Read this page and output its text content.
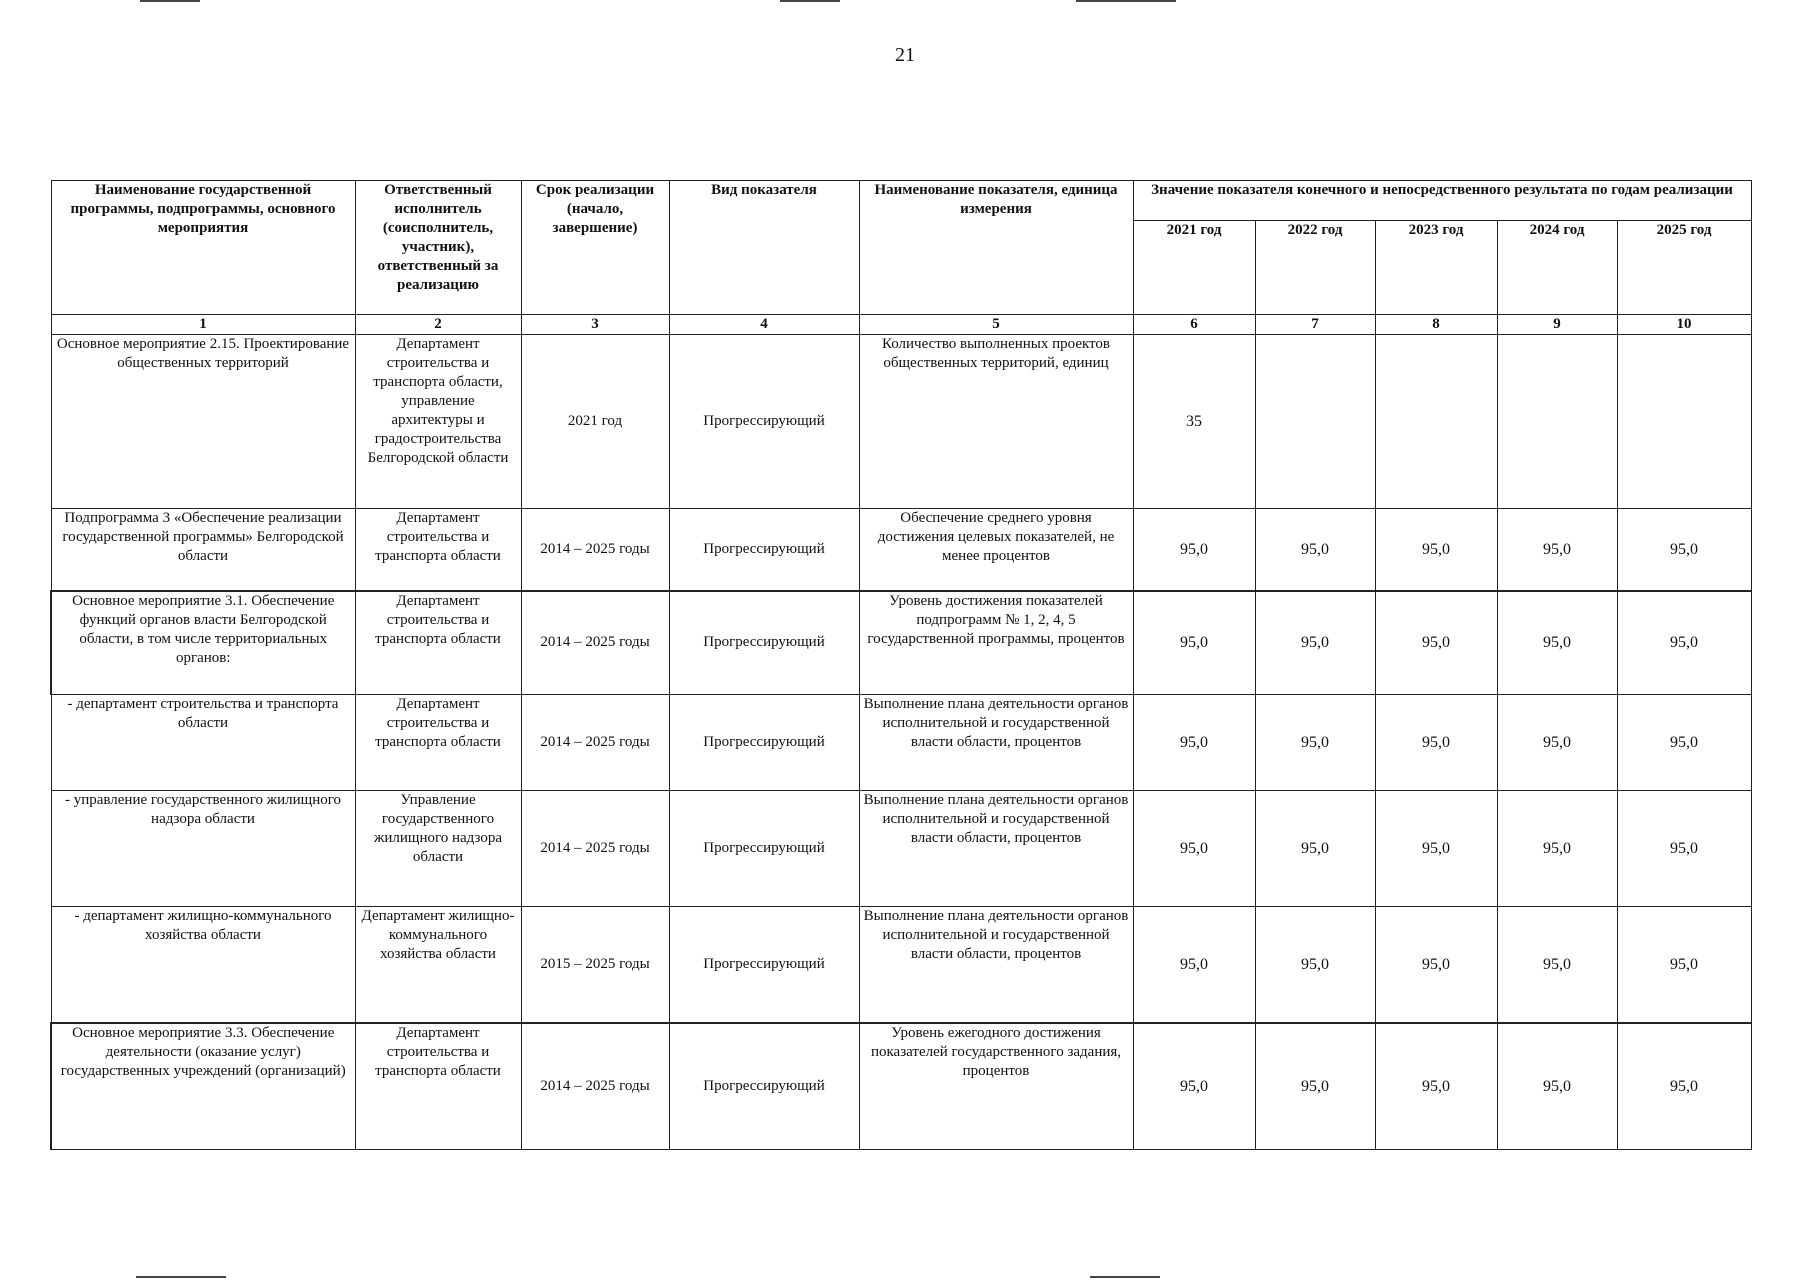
21
Наименование государственной программы, подпрограммы, основного мероприятия	Ответственный исполнитель (соисполнитель, участник), ответственный за реализацию	Срок реализации (начало, завершение)	Вид показателя	Наименование показателя, единица измерения	Значение показателя конечного и непосредственного результата по годам реализации				
					2021 год	2022 год	2023 год	2024 год	2025 год
1	2	3	4	5	6	7	8	9	10
Основное мероприятие 2.15. Проектирование общественных территорий	Департамент строительства и транспорта области, управление архитектуры и градостроительства Белгородской области	2021 год	Прогрессирующий	Количество выполненных проектов общественных территорий, единиц	35				
Подпрограмма 3 «Обеспечение реализации государственной программы» Белгородской области	Департамент строительства и транспорта области	2014 – 2025 годы	Прогрессирующий	Обеспечение среднего уровня достижения целевых показателей, не менее процентов	95,0	95,0	95,0	95,0	95,0
Основное мероприятие 3.1. Обеспечение функций органов власти Белгородской области, в том числе территориальных органов:	Департамент строительства и транспорта области	2014 – 2025 годы	Прогрессирующий	Уровень достижения показателей подпрограмм № 1, 2, 4, 5 государственной программы, процентов	95,0	95,0	95,0	95,0	95,0
- департамент строительства и транспорта области	Департамент строительства и транспорта области	2014 – 2025 годы	Прогрессирующий	Выполнение плана деятельности органов исполнительной и государственной власти области, процентов	95,0	95,0	95,0	95,0	95,0
- управление государственного жилищного надзора области	Управление государственного жилищного надзора области	2014 – 2025 годы	Прогрессирующий	Выполнение плана деятельности органов исполнительной и государственной власти области, процентов	95,0	95,0	95,0	95,0	95,0
- департамент жилищно-коммунального хозяйства области	Департамент жилищно-коммунального хозяйства области	2015 – 2025 годы	Прогрессирующий	Выполнение плана деятельности органов исполнительной и государственной власти области, процентов	95,0	95,0	95,0	95,0	95,0
Основное мероприятие 3.3. Обеспечение деятельности (оказание услуг) государственных учреждений (организаций)	Департамент строительства и транспорта области	2014 – 2025 годы	Прогрессирующий	Уровень ежегодного достижения показателей государственного задания, процентов	95,0	95,0	95,0	95,0	95,0
